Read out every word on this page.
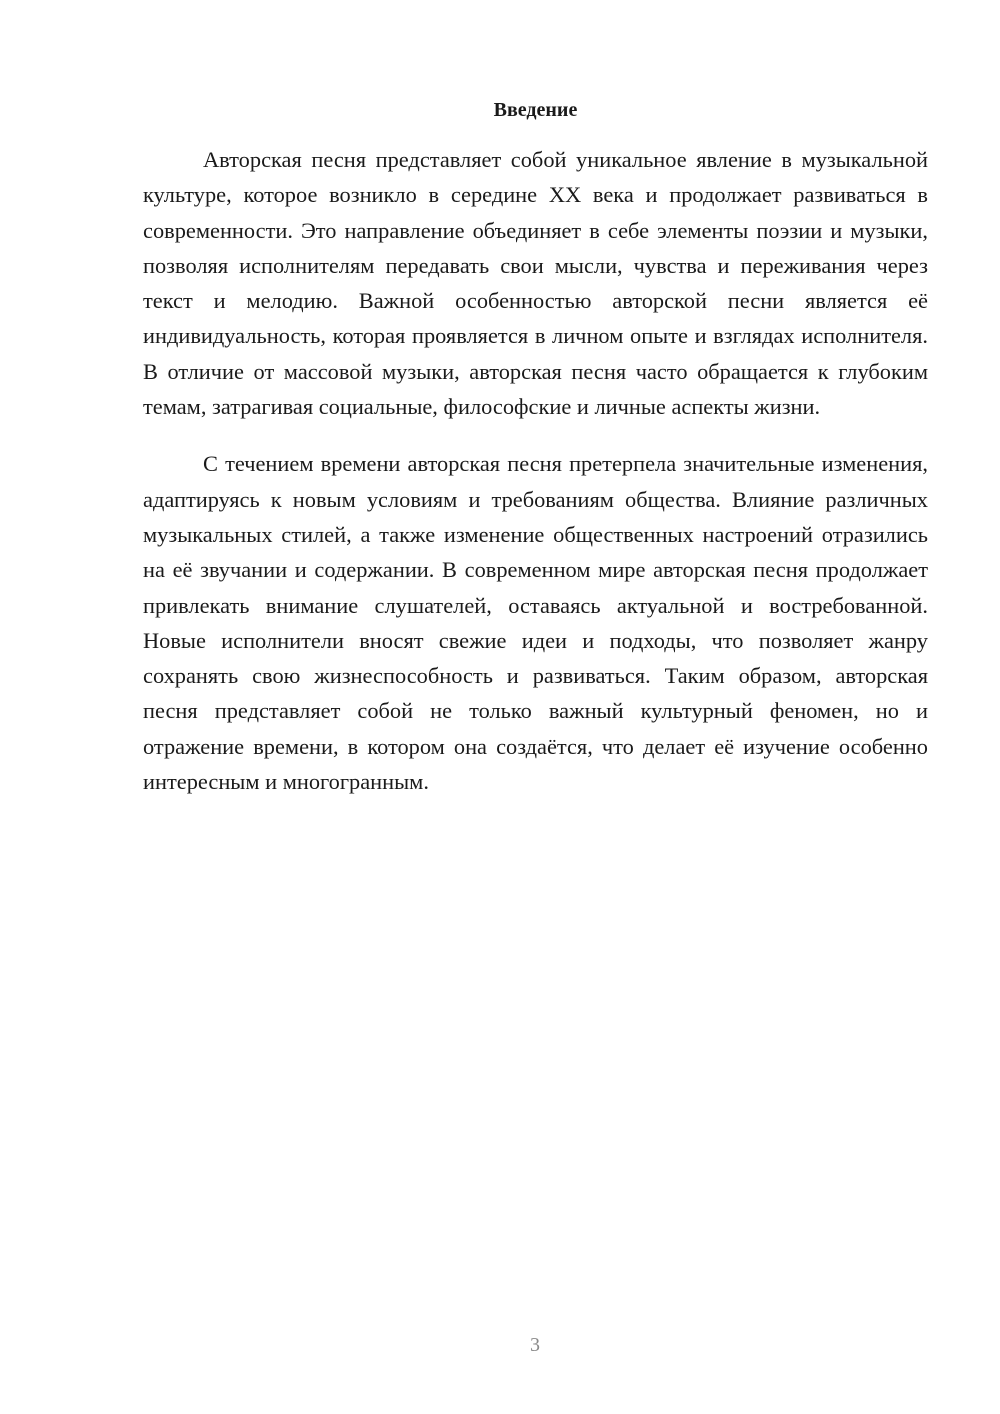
Введение

Авторская песня представляет собой уникальное явление в музыкальной культуре, которое возникло в середине XX века и продолжает развиваться в современности. Это направление объединяет в себе элементы поэзии и музыки, позволяя исполнителям передавать свои мысли, чувства и переживания через текст и мелодию. Важной особенностью авторской песни является её индивидуальность, которая проявляется в личном опыте и взглядах исполнителя. В отличие от массовой музыки, авторская песня часто обращается к глубоким темам, затрагивая социальные, философские и личные аспекты жизни.

С течением времени авторская песня претерпела значительные изменения, адаптируясь к новым условиям и требованиям общества. Влияние различных музыкальных стилей, а также изменение общественных настроений отразились на её звучании и содержании. В современном мире авторская песня продолжает привлекать внимание слушателей, оставаясь актуальной и востребованной. Новые исполнители вносят свежие идеи и подходы, что позволяет жанру сохранять свою жизнеспособность и развиваться. Таким образом, авторская песня представляет собой не только важный культурный феномен, но и отражение времени, в котором она создаётся, что делает её изучение особенно интересным и многогранным.

3
